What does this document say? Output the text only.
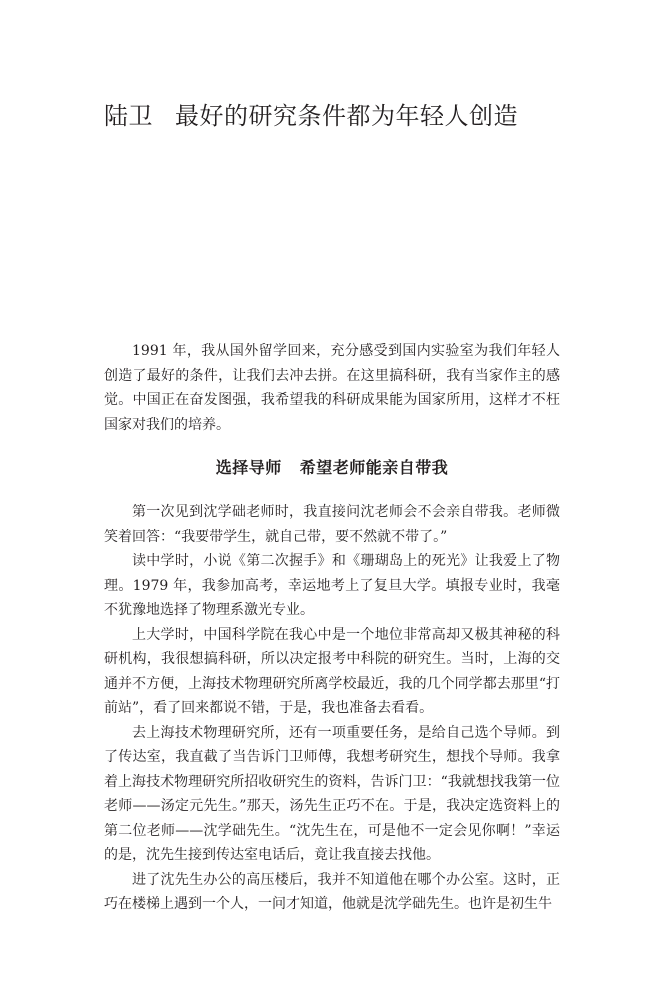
陆卫 最好的研究条件都为年轻人创造

1991 年，我从国外留学回来，充分感受到国内实验室为我们年轻人创造了最好的条件，让我们去冲去拼。在这里搞科研，我有当家作主的感觉。中国正在奋发图强，我希望我的科研成果能为国家所用，这样才不枉国家对我们的培养。

选择导师 希望老师能亲自带我

第一次见到沈学础老师时，我直接问沈老师会不会亲自带我。老师微笑着回答：“我要带学生，就自己带，要不然就不带了。”

读中学时，小说《第二次握手》和《珊瑚岛上的死光》让我爱上了物理。1979 年，我参加高考，幸运地考上了复旦大学。填报专业时，我毫不犹豫地选择了物理系激光专业。

上大学时，中国科学院在我心中是一个地位非常高却又极其神秘的科研机构，我很想搞科研，所以决定报考中科院的研究生。当时，上海的交通并不方便，上海技术物理研究所离学校最近，我的几个同学都去那里“打前站”，看了回来都说不错，于是，我也准备去看看。

去上海技术物理研究所，还有一项重要任务，是给自己选个导师。到了传达室，我直截了当告诉门卫师傅，我想考研究生，想找个导师。我拿着上海技术物理研究所招收研究生的资料，告诉门卫：“我就想找我第一位老师——汤定元先生。”那天，汤先生正巧不在。于是，我决定选资料上的第二位老师——沈学础先生。“沈先生在，可是他不一定会见你啊！”幸运的是，沈先生接到传达室电话后，竟让我直接去找他。

进了沈先生办公的高压楼后，我并不知道他在哪个办公室。这时，正巧在楼梯上遇到一个人，一问才知道，他就是沈学础先生。也许是初生牛
